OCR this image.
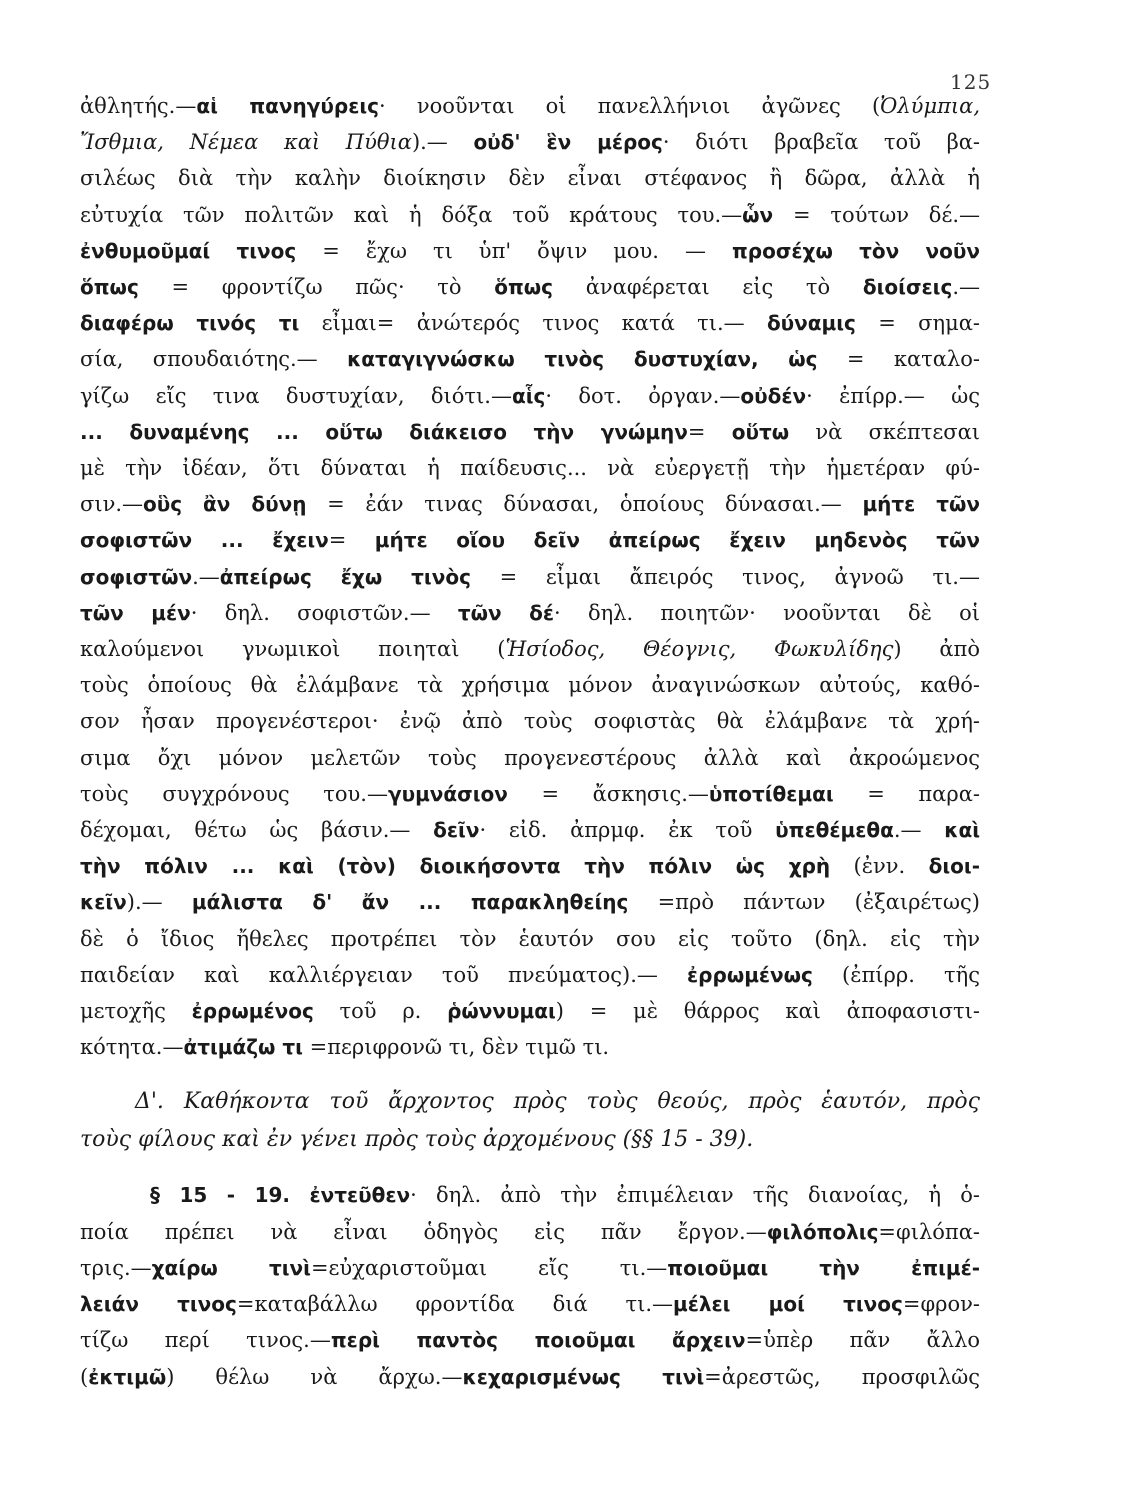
125
ἀθλητής.—αἱ πανηγύρεις· νοοῦνται οἱ πανελλήνιοι ἀγῶνες (Ὀλύμπια,
Ἴσθμια, Νέμεα καὶ Πύθια).— οὐδ' ἓν μέρος· διότι βραβεῖα τοῦ βα-
σιλέως διὰ τὴν καλὴν διοίκησιν δὲν εἶναι στέφανος ἢ δῶρα, ἀλλὰ ἡ
εὐτυχία τῶν πολιτῶν καὶ ἡ δόξα τοῦ κράτους του.—ὧν = τούτων δέ.—
ἐνθυμοῦμαί τινος = ἔχω τι ὑπ' ὄψιν μου. — προσέχω τὸν νοῦν
ὅπως = φροντίζω πῶς· τὸ ὅπως ἀναφέρεται εἰς τὸ διοίσεις.—
διαφέρω τινός τι εἶμαι= ἀνώτερός τινος κατά τι.— δύναμις = σημα-
σία, σπουδαιότης.— καταγιγνώσκω τινὸς δυστυχίαν, ὡς = καταλο-
γίζω εἴς τινα δυστυχίαν, διότι.—αἷς· δοτ. ὀργαν.—οὐδέν· ἐπίρρ.— ὡς
... δυναμένης ... οὕτω διάκεισο τὴν γνώμην= οὕτω νὰ σκέπτεσαι
μὲ τὴν ἰδέαν, ὅτι δύναται ἡ παίδευσις... νὰ εὐεργετῇ τὴν ἡμετέραν φύ-
σιν.—οὓς ἂν δύνῃ = ἐάν τινας δύνασαι, ὁποίους δύνασαι.— μήτε τῶν
σοφιστῶν ... ἔχειν= μήτε οἵου δεῖν ἀπείρως ἔχειν μηδενὸς τῶν
σοφιστῶν.—ἀπείρως ἔχω τινὸς = εἶμαι ἄπειρός τινος, ἀγνοῶ τι.—
τῶν μέν· δηλ. σοφιστῶν.— τῶν δέ· δηλ. ποιητῶν· νοοῦνται δὲ οἱ
καλούμενοι γνωμικοὶ ποιηταὶ (Ἡσίοδος, Θέογνις, Φωκυλίδης) ἀπὸ
τοὺς ὁποίους θὰ ἐλάμβανε τὰ χρήσιμα μόνον ἀναγινώσκων αὐτούς, καθό-
σον ἦσαν προγενέστεροι· ἐνῷ ἀπὸ τοὺς σοφιστὰς θὰ ἐλάμβανε τὰ χρή-
σιμα ὄχι μόνον μελετῶν τοὺς προγενεστέρους ἀλλὰ καὶ ἀκροώμενος
τοὺς συγχρόνους του.—γυμνάσιον = ἄσκησις.—ὑποτίθεμαι = παρα-
δέχομαι, θέτω ὡς βάσιν.— δεῖν· εἰδ. ἀπρμφ. ἐκ τοῦ ὑπεθέμεθα.— καὶ
τὴν πόλιν ... καὶ (τὸν) διοικήσοντα τὴν πόλιν ὡς χρὴ (ἐνν. διοι-
κεῖν).— μάλιστα δ' ἄν ... παρακληθείης =πρὸ πάντων (ἐξαιρέτως)
δὲ ὁ ἴδιος ἤθελες προτρέπει τὸν ἑαυτόν σου εἰς τοῦτο (δηλ. εἰς τὴν
παιδείαν καὶ καλλιέργειαν τοῦ πνεύματος).— ἐρρωμένως (ἐπίρρ. τῆς
μετοχῆς ἐρρωμένος τοῦ ρ. ῥώννυμαι) = μὲ θάρρος καὶ ἀποφασιστι-
κότητα.—ἀτιμάζω τι =περιφρονῶ τι, δὲν τιμῶ τι.
Δ'. Καθήκοντα τοῦ ἄρχοντος πρὸς τοὺς θεούς, πρὸς ἑαυτόν, πρὸς
τοὺς φίλους καὶ ἐν γένει πρὸς τοὺς ἀρχομένους (§§ 15 - 39).
§ 15 - 19. ἐντεῦθεν· δηλ. ἀπὸ τὴν ἐπιμέλειαν τῆς διανοίας, ἡ ὁ-
ποία πρέπει νὰ εἶναι ὁδηγὸς εἰς πᾶν ἔργον.—φιλόπολις=φιλόπα-
τρις.—χαίρω τινὶ=εὐχαριστοῦμαι εἴς τι.—ποιοῦμαι τὴν ἐπιμέ-
λειάν τινος=καταβάλλω φροντίδα διά τι.—μέλει μοί τινος=φρον-
τίζω περί τινος.—περὶ παντὸς ποιοῦμαι ἄρχειν=ὑπὲρ πᾶν ἄλλο
(ἐκτιμῶ) θέλω νὰ ἄρχω.—κεχαρισμένως τινὶ=ἀρεστῶς, προσφιλῶς
